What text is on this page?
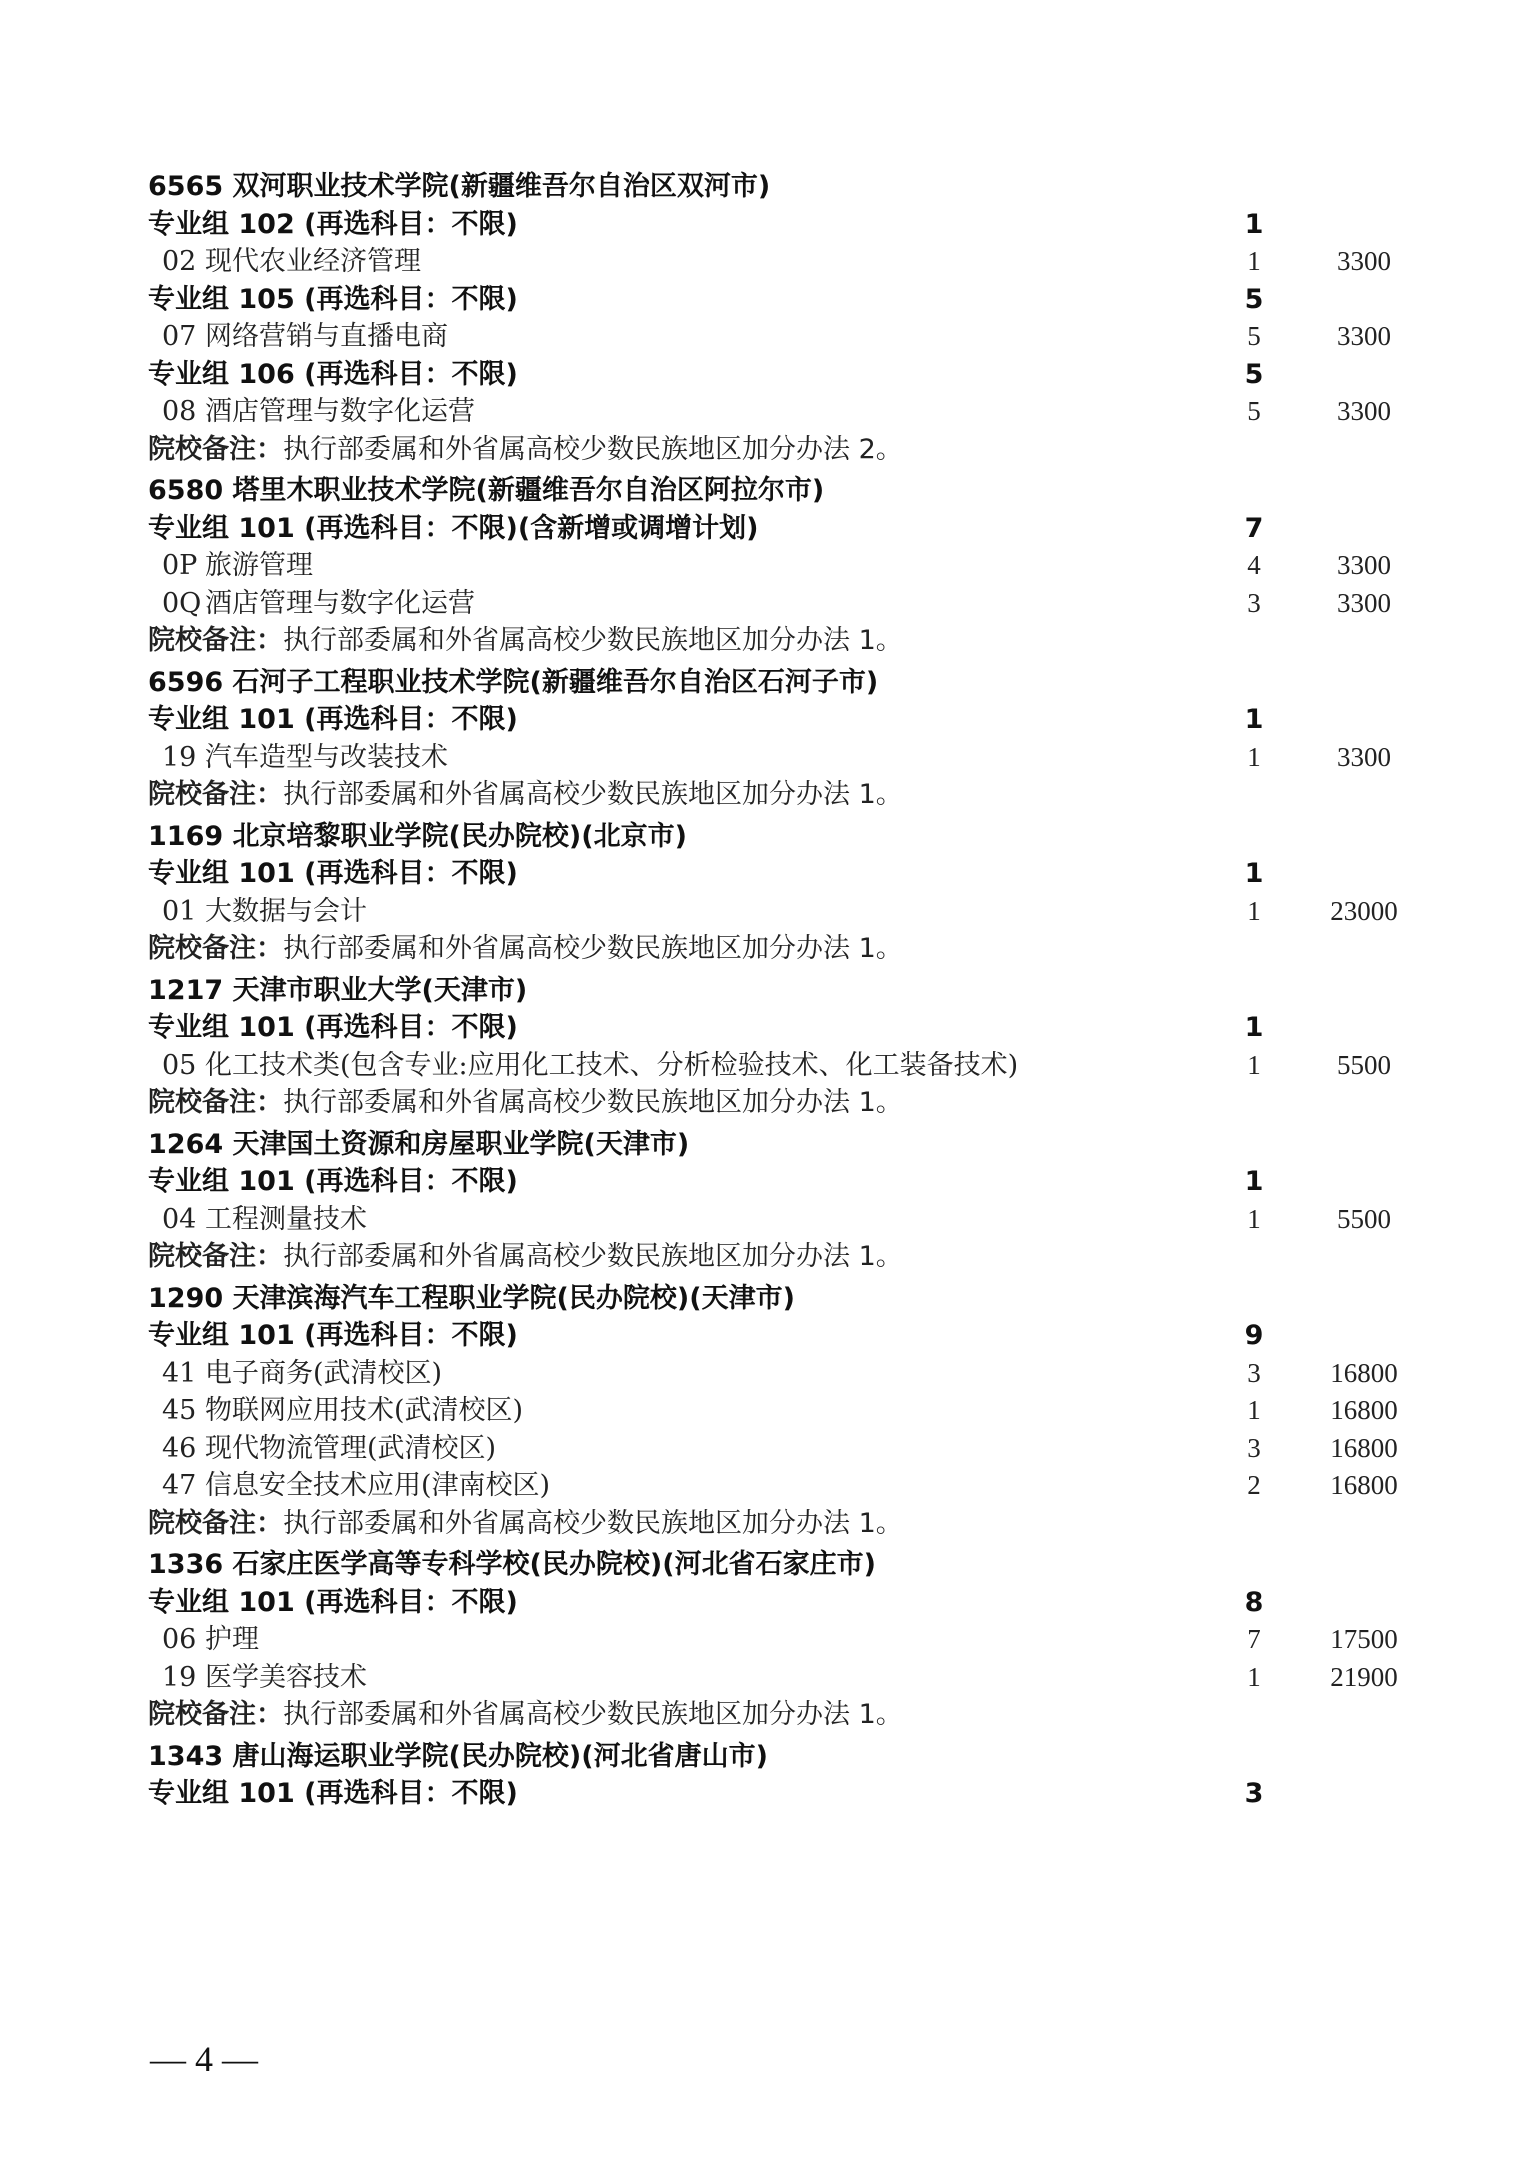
6565 双河职业技术学院(新疆维吾尔自治区双河市)
专业组 102 (再选科目：不限)	1
02 现代农业经济管理	1	3300
专业组 105 (再选科目：不限)	5
07 网络营销与直播电商	5	3300
专业组 106 (再选科目：不限)	5
08 酒店管理与数字化运营	5	3300
院校备注：执行部委属和外省属高校少数民族地区加分办法 2。
6580 塔里木职业技术学院(新疆维吾尔自治区阿拉尔市)
专业组 101 (再选科目：不限)(含新增或调增计划)	7
0P 旅游管理	4	3300
0Q 酒店管理与数字化运营	3	3300
院校备注：执行部委属和外省属高校少数民族地区加分办法 1。
6596 石河子工程职业技术学院(新疆维吾尔自治区石河子市)
专业组 101 (再选科目：不限)	1
19 汽车造型与改装技术	1	3300
院校备注：执行部委属和外省属高校少数民族地区加分办法 1。
1169 北京培黎职业学院(民办院校)(北京市)
专业组 101 (再选科目：不限)	1
01 大数据与会计	1	23000
院校备注：执行部委属和外省属高校少数民族地区加分办法 1。
1217 天津市职业大学(天津市)
专业组 101 (再选科目：不限)	1
05 化工技术类(包含专业:应用化工技术、分析检验技术、化工装备技术)	1	5500
院校备注：执行部委属和外省属高校少数民族地区加分办法 1。
1264 天津国土资源和房屋职业学院(天津市)
专业组 101 (再选科目：不限)	1
04 工程测量技术	1	5500
院校备注：执行部委属和外省属高校少数民族地区加分办法 1。
1290 天津滨海汽车工程职业学院(民办院校)(天津市)
专业组 101 (再选科目：不限)	9
41 电子商务(武清校区)	3	16800
45 物联网应用技术(武清校区)	1	16800
46 现代物流管理(武清校区)	3	16800
47 信息安全技术应用(津南校区)	2	16800
院校备注：执行部委属和外省属高校少数民族地区加分办法 1。
1336 石家庄医学高等专科学校(民办院校)(河北省石家庄市)
专业组 101 (再选科目：不限)	8
06 护理	7	17500
19 医学美容技术	1	21900
院校备注：执行部委属和外省属高校少数民族地区加分办法 1。
1343 唐山海运职业学院(民办院校)(河北省唐山市)
专业组 101 (再选科目：不限)	3
— 4 —
